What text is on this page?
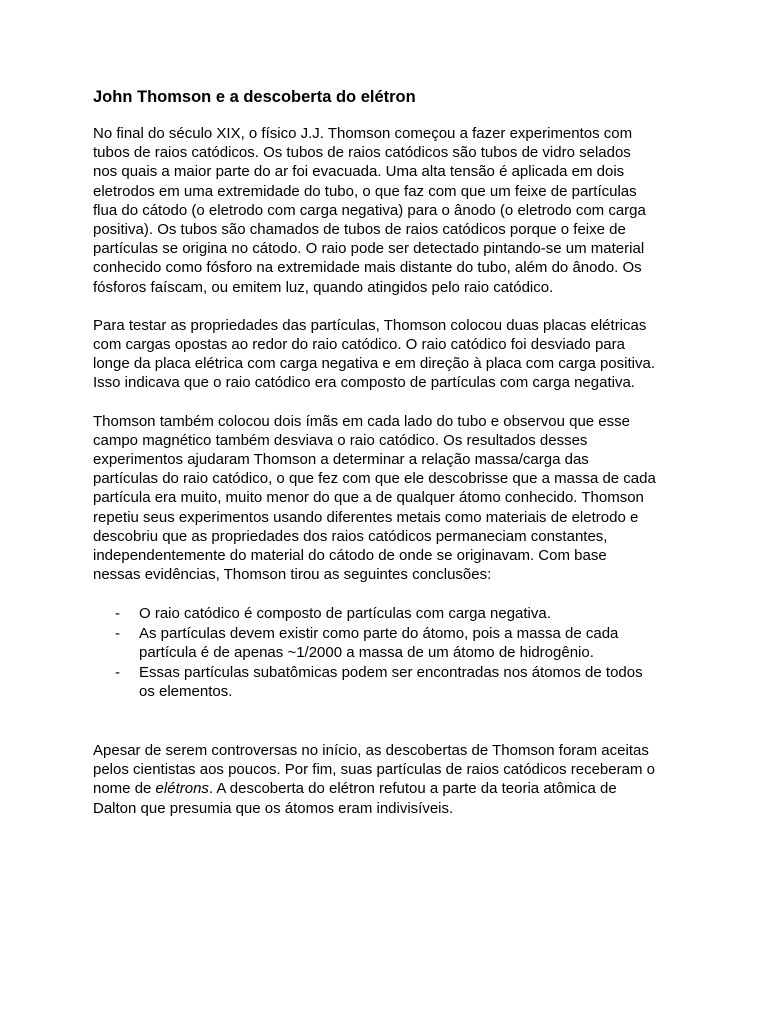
John Thomson e a descoberta do elétron

No final do século XIX, o físico J.J. Thomson começou a fazer experimentos com
tubos de raios catódicos. Os tubos de raios catódicos são tubos de vidro selados
nos quais a maior parte do ar foi evacuada. Uma alta tensão é aplicada em dois
eletrodos em uma extremidade do tubo, o que faz com que um feixe de partículas
flua do cátodo (o eletrodo com carga negativa) para o ânodo (o eletrodo com carga
positiva). Os tubos são chamados de tubos de raios catódicos porque o feixe de
partículas se origina no cátodo. O raio pode ser detectado pintando-se um material
conhecido como fósforo na extremidade mais distante do tubo, além do ânodo. Os
fósforos faíscam, ou emitem luz, quando atingidos pelo raio catódico.

Para testar as propriedades das partículas, Thomson colocou duas placas elétricas
com cargas opostas ao redor do raio catódico. O raio catódico foi desviado para
longe da placa elétrica com carga negativa e em direção à placa com carga positiva.
Isso indicava que o raio catódico era composto de partículas com carga negativa.

Thomson também colocou dois ímãs em cada lado do tubo e observou que esse
campo magnético também desviava o raio catódico. Os resultados desses
experimentos ajudaram Thomson a determinar a relação massa/carga das
partículas do raio catódico, o que fez com que ele descobrisse que a massa de cada
partícula era muito, muito menor do que a de qualquer átomo conhecido. Thomson
repetiu seus experimentos usando diferentes metais como materiais de eletrodo e
descobriu que as propriedades dos raios catódicos permaneciam constantes,
independentemente do material do cátodo de onde se originavam. Com base
nessas evidências, Thomson tirou as seguintes conclusões:

- O raio catódico é composto de partículas com carga negativa.
- As partículas devem existir como parte do átomo, pois a massa de cada
partícula é de apenas ~1/2000 a massa de um átomo de hidrogênio.
- Essas partículas subatômicas podem ser encontradas nos átomos de todos
os elementos.

Apesar de serem controversas no início, as descobertas de Thomson foram aceitas
pelos cientistas aos poucos. Por fim, suas partículas de raios catódicos receberam o
nome de elétrons. A descoberta do elétron refutou a parte da teoria atômica de
Dalton que presumia que os átomos eram indivisíveis.
